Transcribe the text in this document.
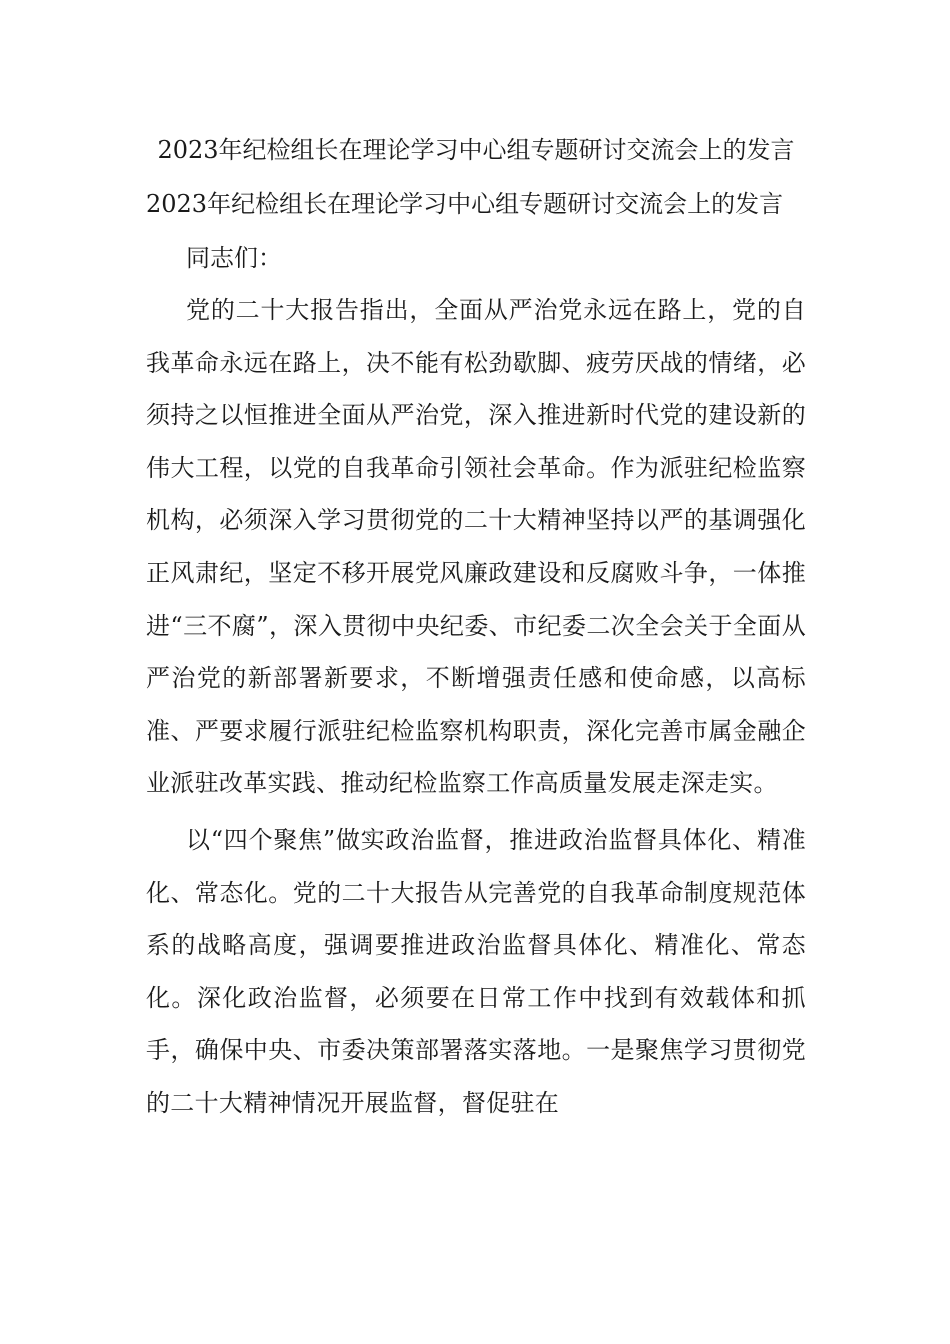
2023年纪检组长在理论学习中心组专题研讨交流会上的发言

2023年纪检组长在理论学习中心组专题研讨交流会上的发言

同志们：

党的二十大报告指出，全面从严治党永远在路上，党的自我革命永远在路上，决不能有松劲歇脚、疲劳厌战的情绪，必须持之以恒推进全面从严治党，深入推进新时代党的建设新的伟大工程，以党的自我革命引领社会革命。作为派驻纪检监察机构，必须深入学习贯彻党的二十大精神坚持以严的基调强化正风肃纪，坚定不移开展党风廉政建设和反腐败斗争，一体推进“三不腐”，深入贯彻中央纪委、市纪委二次全会关于全面从严治党的新部署新要求，不断增强责任感和使命感，以高标准、严要求履行派驻纪检监察机构职责，深化完善市属金融企业派驻改革实践、推动纪检监察工作高质量发展走深走实。

以“四个聚焦”做实政治监督，推进政治监督具体化、精准化、常态化。党的二十大报告从完善党的自我革命制度规范体系的战略高度，强调要推进政治监督具体化、精准化、常态化。深化政治监督，必须要在日常工作中找到有效载体和抓手，确保中央、市委决策部署落实落地。一是聚焦学习贯彻党的二十大精神情况开展监督，督促驻在
